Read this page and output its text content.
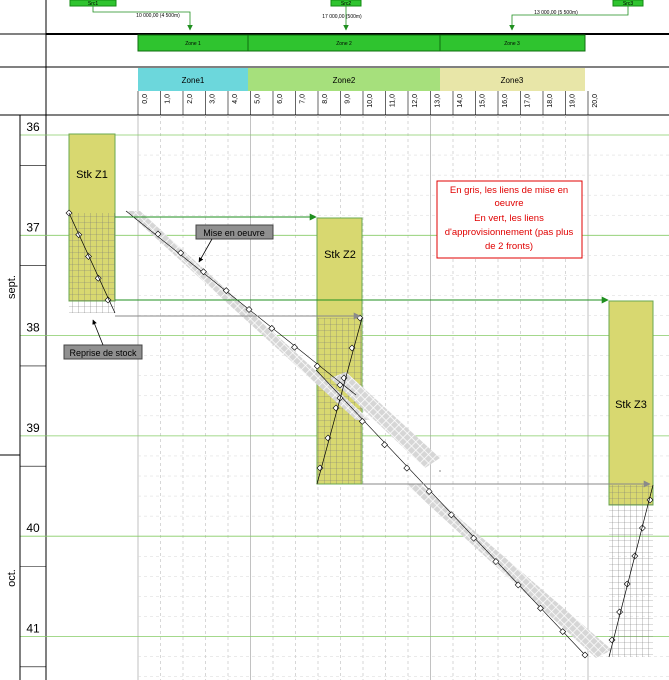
Src1
10 000,00 (4 500m)
Src2
17 000,00 (500m)
Src3
13 000,00 (5 500m)
Zone 1	Zone 2	Zone 3
Zone1	Zone2	Zone3
0,0 1,0 2,0 3,0 4,0 5,0 6,0 7,0 8,0 9,0 10,0 11,0 12,0 13,0 14,0 15,0 16,0 17,0 18,0 19,0 20,0
36
37
38
39
40
41
sept.
oct.
Stk Z1
Stk Z2
Stk Z3
Mise en oeuvre
Reprise de stock
En gris, les liens de mise en
oeuvre
En vert, les liens
d'approvisionnement (pas plus
de 2 fronts)
